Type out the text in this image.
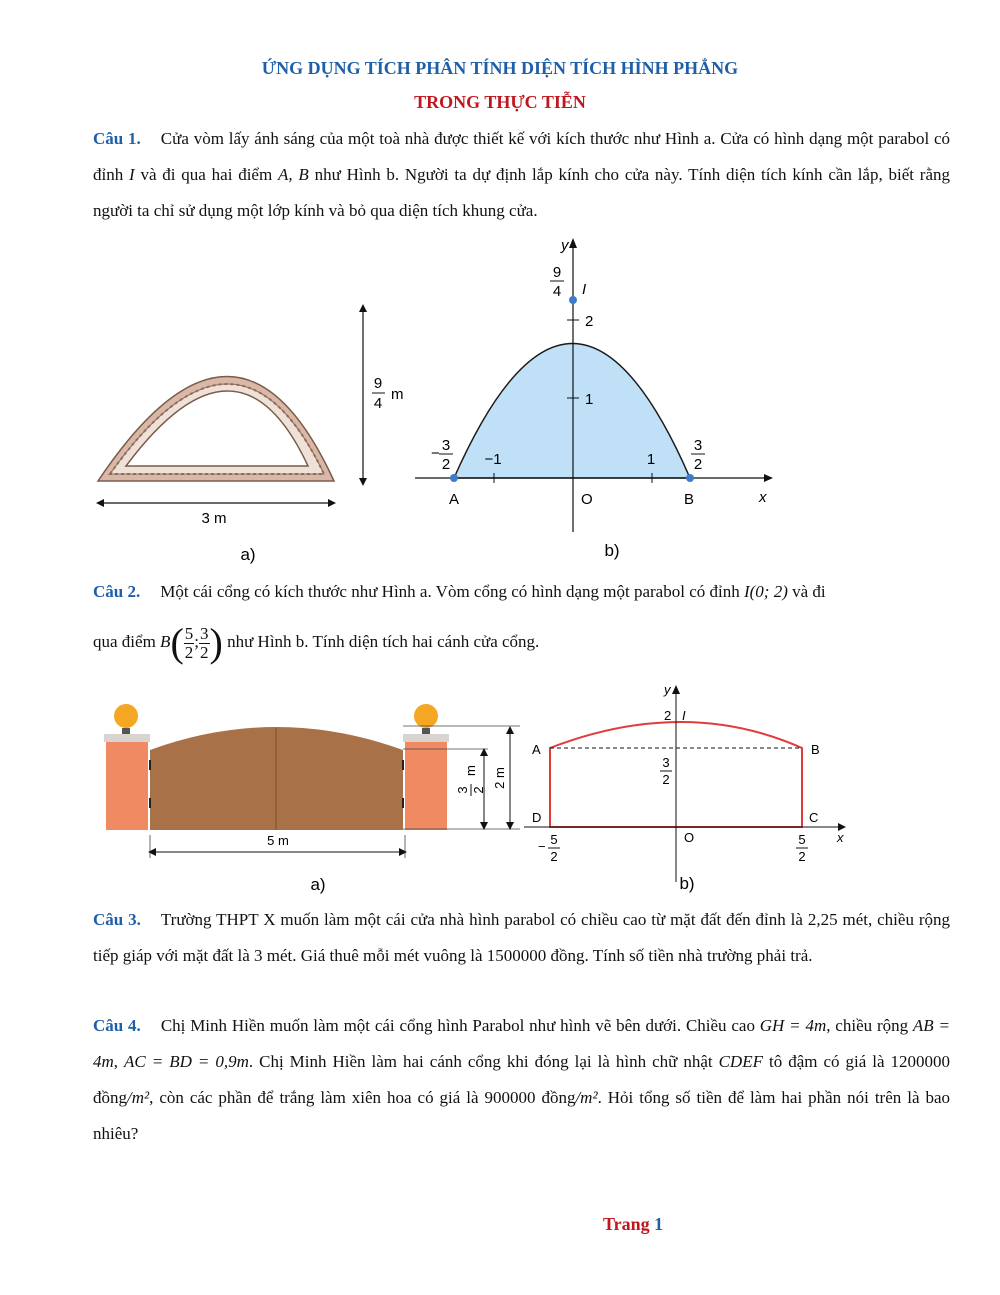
ỨNG DỤNG TÍCH PHÂN TÍNH DIỆN TÍCH HÌNH PHẲNG
TRONG THỰC TIỄN
Câu 1. Cửa vòm lấy ánh sáng của một toà nhà được thiết kế với kích thước như Hình a. Cửa có hình dạng một parabol có đỉnh I và đi qua hai điểm A, B như Hình b. Người ta dự định lắp kính cho cửa này. Tính diện tích kính cần lắp, biết rằng người ta chỉ sử dụng một lớp kính và bỏ qua diện tích khung cửa.
9
4
m
3 m
a)
y
x
9
4 I
2
1
−1	1
− 3
2
3
2
A	O	B
b)
Câu 2. Một cái cổng có kích thước như Hình a. Vòm cổng có hình dạng một parabol có đỉnh I(0; 2) và đi
qua điểm $B( \frac{5}{2}$ ; $\frac{3}{2}$ ) như Hình b. Tính diện tích hai cánh cửa cổng.
3 2
m 2 m
5 m
a)
y
x
2 I
A	B
D	C
O
3
2
− 5
2
5
2
b)
Câu 3. Trường THPT X muốn làm một cái cửa nhà hình parabol có chiều cao từ mặt đất đến đỉnh là 2,25 mét, chiều rộng tiếp giáp với mặt đất là 3 mét. Giá thuê mỗi mét vuông là 1500000 đồng. Tính số tiền nhà trường phải trả.
Câu 4. Chị Minh Hiền muốn làm một cái cổng hình Parabol như hình vẽ bên dưới. Chiều cao GH = 4m, chiều rộng AB = 4m, AC = BD = 0,9m. Chị Minh Hiền làm hai cánh cổng khi đóng lại là hình chữ nhật CDEF tô đậm có giá là 1200000 đồng/m², còn các phần để trắng làm xiên hoa có giá là 900000 đồng/m². Hỏi tổng số tiền để làm hai phần nói trên là bao nhiêu?
Trang 1
